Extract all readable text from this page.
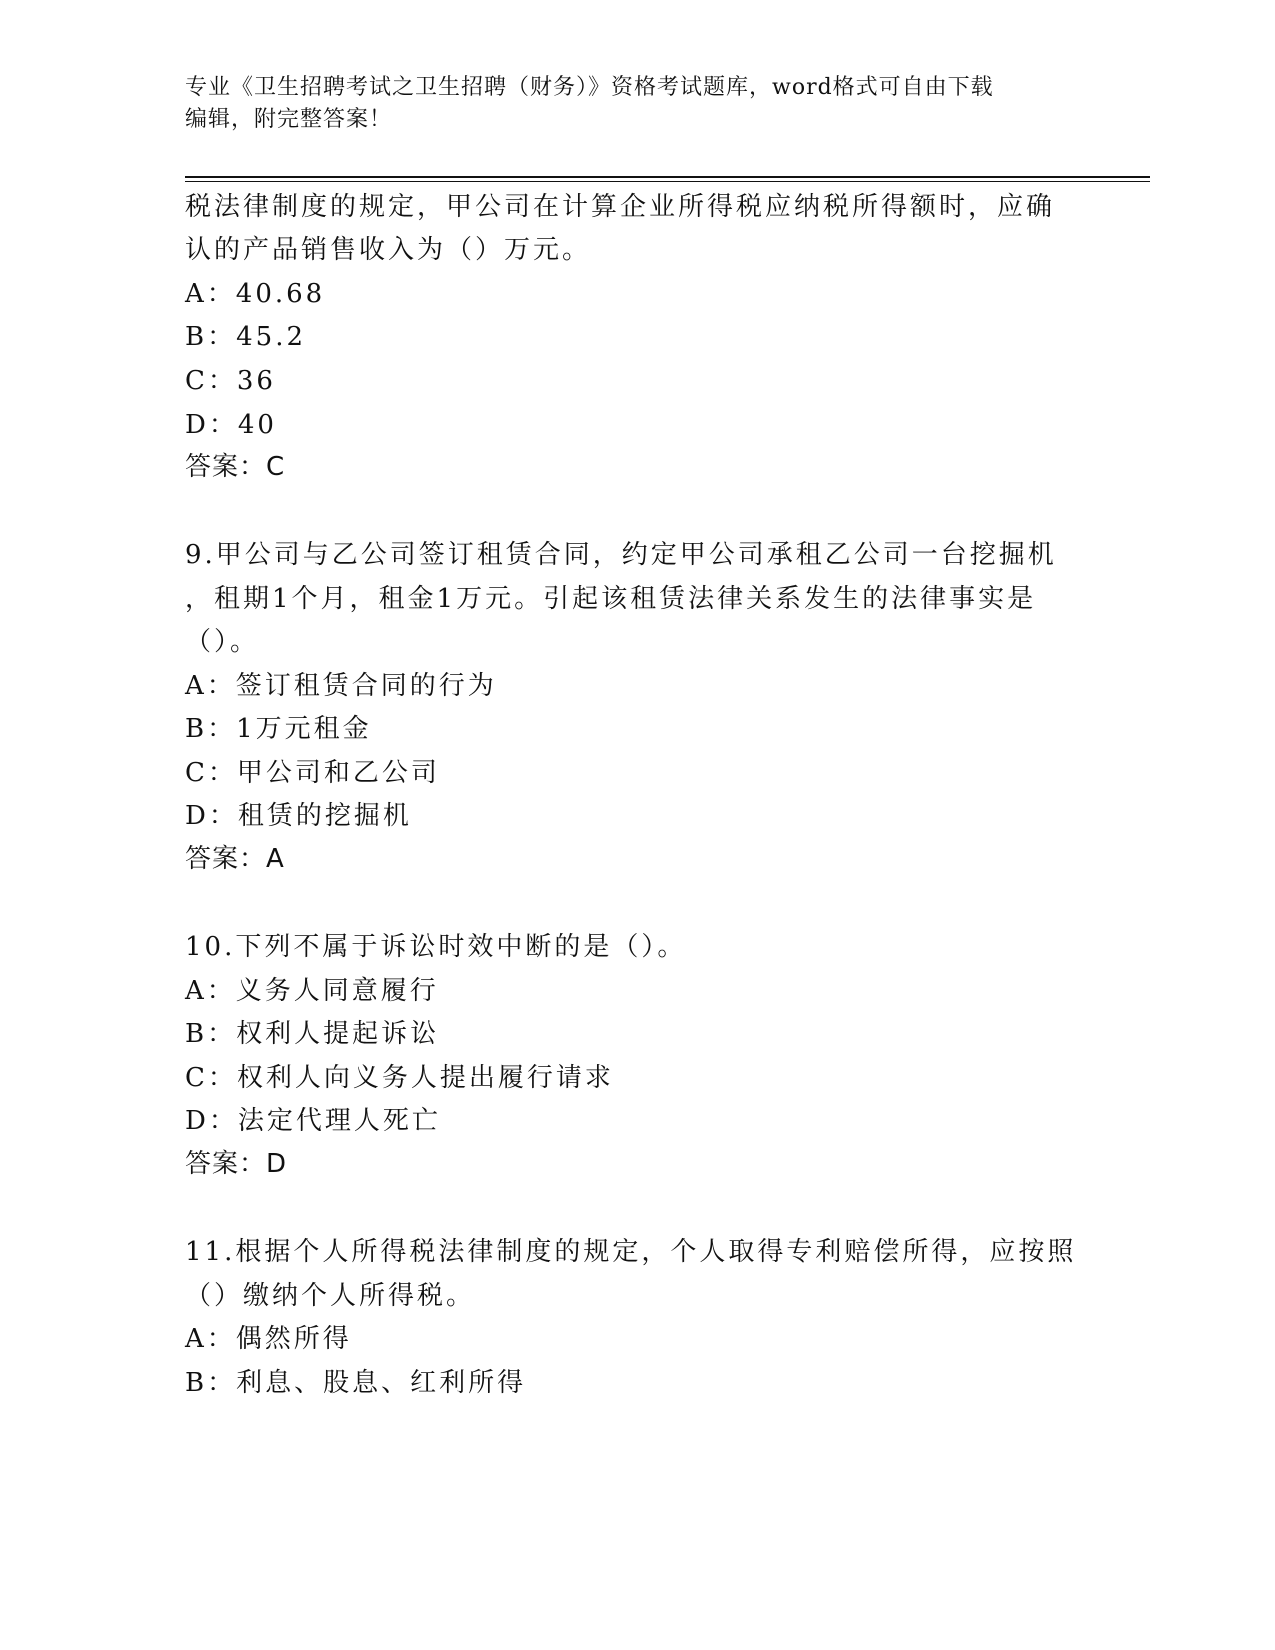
专业《卫生招聘考试之卫生招聘（财务）》资格考试题库，word格式可自由下载
编辑，附完整答案！
税法律制度的规定，甲公司在计算企业所得税应纳税所得额时，应确
认的产品销售收入为（）万元。
A：40.68
B：45.2
C：36
D：40
答案：C
9.甲公司与乙公司签订租赁合同，约定甲公司承租乙公司一台挖掘机
，租期1个月，租金1万元。引起该租赁法律关系发生的法律事实是
（）。
A：签订租赁合同的行为
B：1万元租金
C：甲公司和乙公司
D：租赁的挖掘机
答案：A
10.下列不属于诉讼时效中断的是（）。
A：义务人同意履行
B：权利人提起诉讼
C：权利人向义务人提出履行请求
D：法定代理人死亡
答案：D
11.根据个人所得税法律制度的规定，个人取得专利赔偿所得，应按照
（）缴纳个人所得税。
A：偶然所得
B：利息、股息、红利所得
